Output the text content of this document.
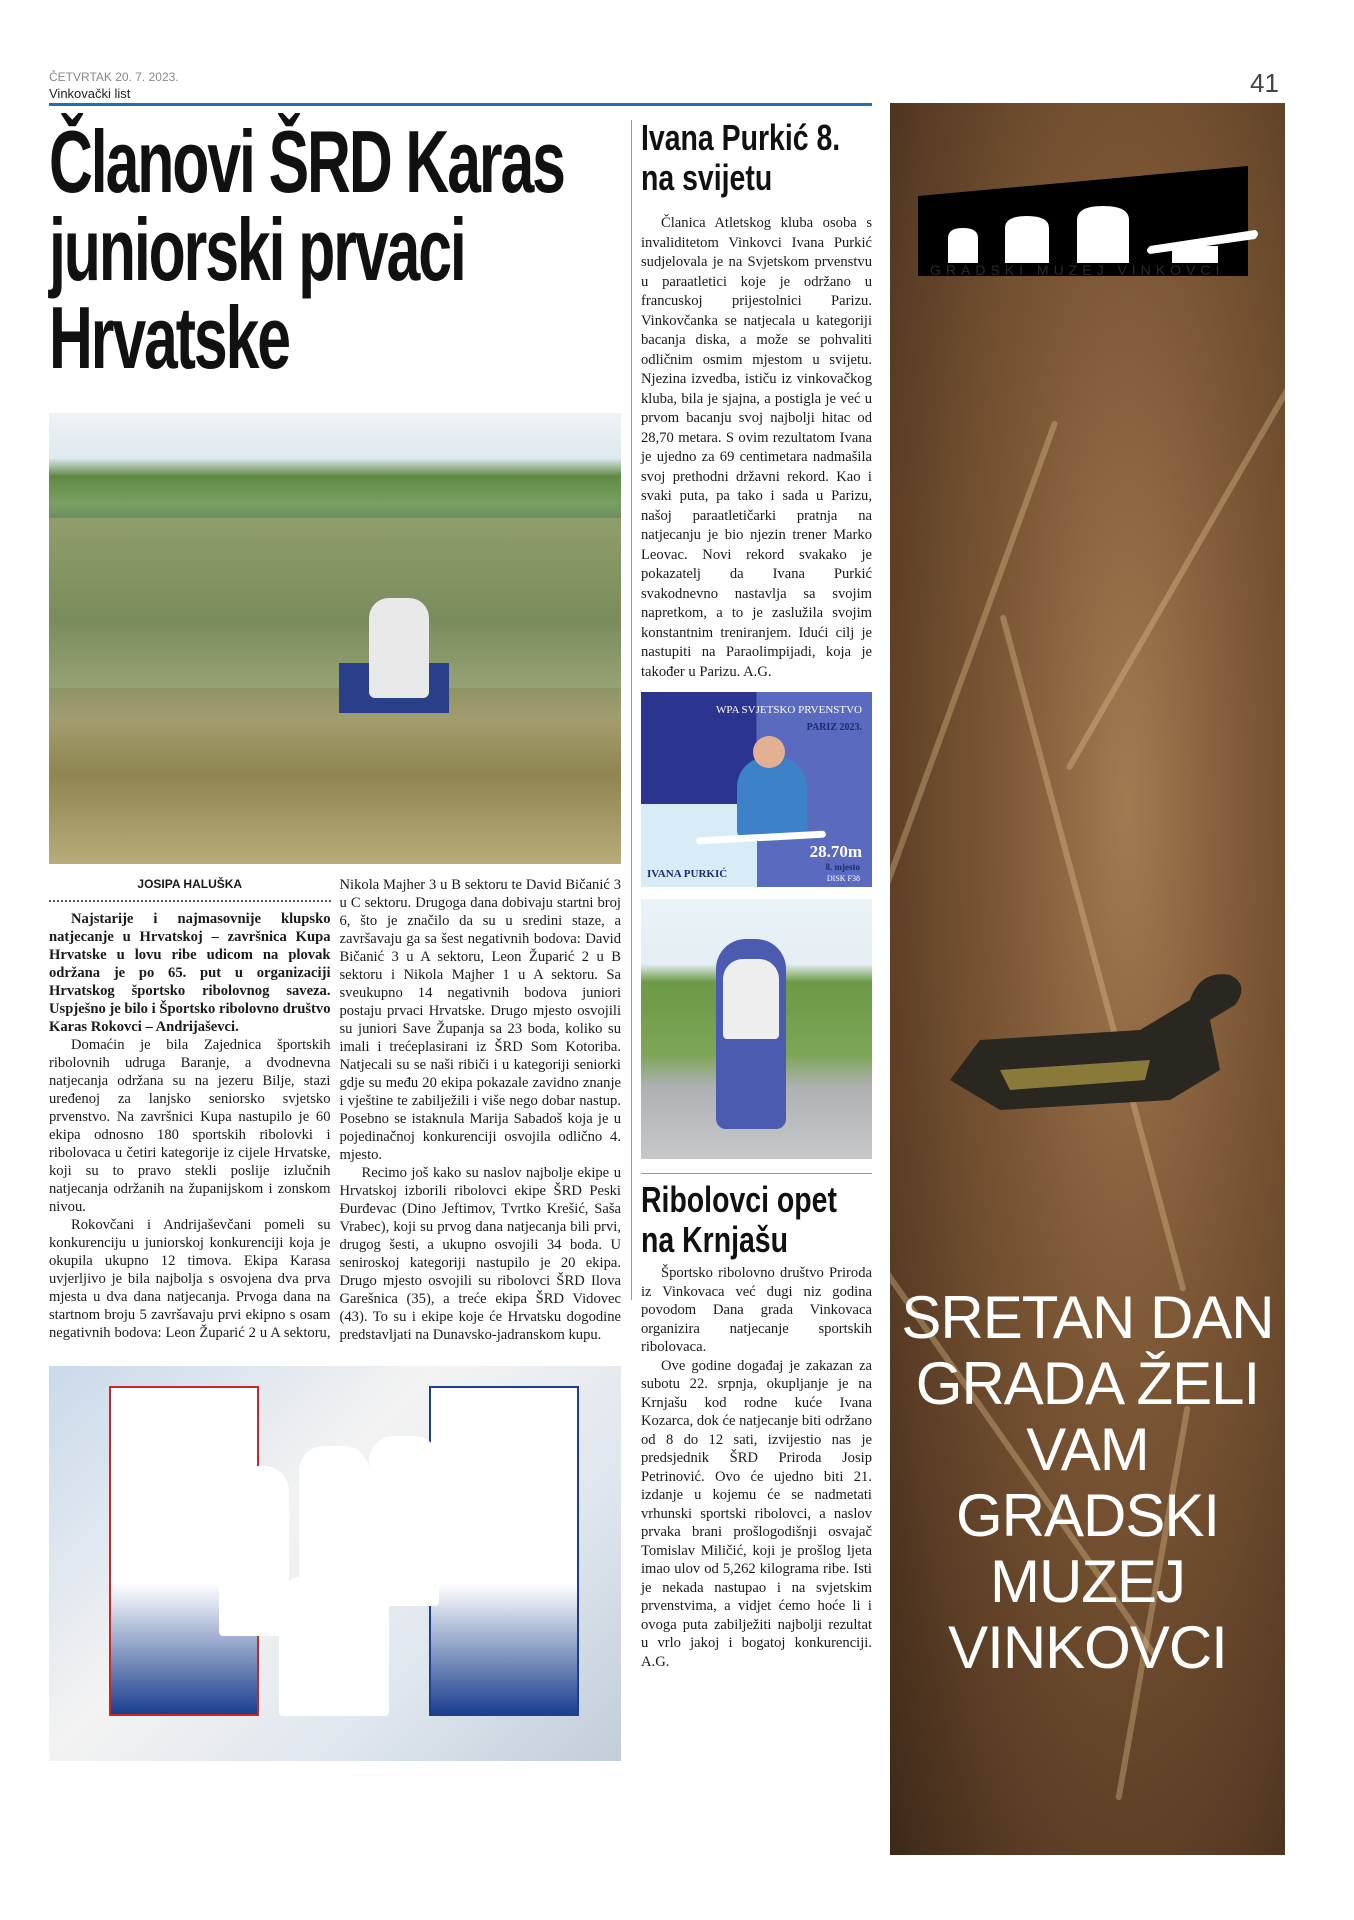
ČETVRTAK 20. 7. 2023.
Vinkovački list	41
Članovi ŠRD Karas juniorski prvaci Hrvatske
JOSIPA HALUŠKA

Najstarije i najmasovnije klupsko natjecanje u Hrvatskoj – završnica Kupa Hrvatske u lovu ribe udicom na plovak održana je po 65. put u organizaciji Hrvatskog športsko ribolovnog saveza. Uspješno je bilo i Športsko ribolovno društvo Karas Rokovci – Andrijaševci.

Domaćin je bila Zajednica športskih ribolovnih udruga Baranje, a dvodnevna natjecanja održana su na jezeru Bilje, stazi uređenoj za lanjsko seniorsko svjetsko prvenstvo. Na završnici Kupa nastupilo je 60 ekipa odnosno 180 sportskih ribolovki i ribolovaca u četiri kategorije iz cijele Hrvatske, koji su to pravo stekli poslije izlučnih natjecanja održanih na županijskom i zonskom nivou.

Rokovčani i Andrijaševčani pomeli su konkurenciju u juniorskoj konkurenciji koja je okupila ukupno 12 timova. Ekipa Karasa uvjerljivo je bila najbolja s osvojena dva prva mjesta u dva dana natjecanja. Prvoga dana na startnom broju 5 završavaju prvi ekipno s osam negativnih bodova: Leon Župarić 2 u A sektoru, Nikola Majher 3 u B sektoru te David Bičanić 3 u C sektoru. Drugoga dana dobivaju startni broj 6, što je značilo da su u sredini staze, a završavaju ga sa šest negativnih bodova: David Bičanić 3 u A sektoru, Leon Župarić 2 u B sektoru i Nikola Majher 1 u A sektoru. Sa sveukupno 14 negativnih bodova juniori postaju prvaci Hrvatske. Drugo mjesto osvojili su juniori Save Županja sa 23 boda, koliko su imali i trećeplasirani iz ŠRD Som Kotoriba. Natjecali su se naši ribiči i u kategoriji seniorki gdje su među 20 ekipa pokazale zavidno znanje i vještine te zabilježili i više nego dobar nastup. Posebno se istaknula Marija Sabadoš koja je u pojedinačnoj konkurenciji osvojila odlično 4. mjesto.

Recimo još kako su naslov najbolje ekipe u Hrvatskoj izborili ribolovci ekipe ŠRD Peski Đurđevac (Dino Jeftimov, Tvrtko Krešić, Saša Vrabec), koji su prvog dana natjecanja bili prvi, drugog šesti, a ukupno osvojili 34 boda. U seniroskoj kategoriji nastupilo je 20 ekipa. Drugo mjesto osvojili su ribolovci ŠRD Ilova Garešnica (35), a treće ekipa ŠRD Vidovec (43). To su i ekipe koje će Hrvatsku dogodine predstavljati na Dunavsko-jadranskom kupu.

Ivana Purkić 8. na svijetu

Članica Atletskog kluba osoba s invaliditetom Vinkovci Ivana Purkić sudjelovala je na Svjetskom prvenstvu u paraatletici koje je održano u francuskoj prijestolnici Parizu. Vinkovčanka se natjecala u kategoriji bacanja diska, a može se pohvaliti odličnim osmim mjestom u svijetu. Njezina izvedba, ističu iz vinkovačkog kluba, bila je sjajna, a postigla je već u prvom bacanju svoj najbolji hitac od 28,70 metara. S ovim rezultatom Ivana je ujedno za 69 centimetara nadmašila svoj prethodni državni rekord. Kao i svaki puta, pa tako i sada u Parizu, našoj paraatletičarki pratnja na natjecanju je bio njezin trener Marko Leovac. Novi rekord svakako je pokazatelj da Ivana Purkić svakodnevno nastavlja sa svojim napretkom, a to je zaslužila svojim konstantnim treniranjem. Idući cilj je nastupiti na Paraolimpijadi, koja je također u Parizu. A.G.

WPA SVJETSKO PRVENSTVO
PARIZ 2023.
28.70m
8. mjesto
DISK F38
IVANA PURKIĆ
Ribolovci opet na Krnjašu

Športsko ribolovno društvo Priroda iz Vinkovaca već dugi niz godina povodom Dana grada Vinkovaca organizira natjecanje sportskih ribolovaca.

Ove godine događaj je zakazan za subotu 22. srpnja, okupljanje je na Krnjašu kod rodne kuće Ivana Kozarca, dok će natjecanje biti održano od 8 do 12 sati, izvijestio nas je predsjednik ŠRD Priroda Josip Petrinović. Ovo će ujedno biti 21. izdanje u kojemu će se nadmetati vrhunski sportski ribolovci, a naslov prvaka brani prošlogodišnji osvajač Tomislav Miličić, koji je prošlog ljeta imao ulov od 5,262 kilograma ribe. Isti je nekada nastupao i na svjetskim prvenstvima, a vidjet ćemo hoće li i ovoga puta zabilježiti najbolji rezultat u vrlo jakoj i bogatoj konkurenciji. A.G.

GRADSKI MUZEJ VINKOVCI
SRETAN DAN
GRADA ŽELI
VAM
GRADSKI
MUZEJ
VINKOVCI
